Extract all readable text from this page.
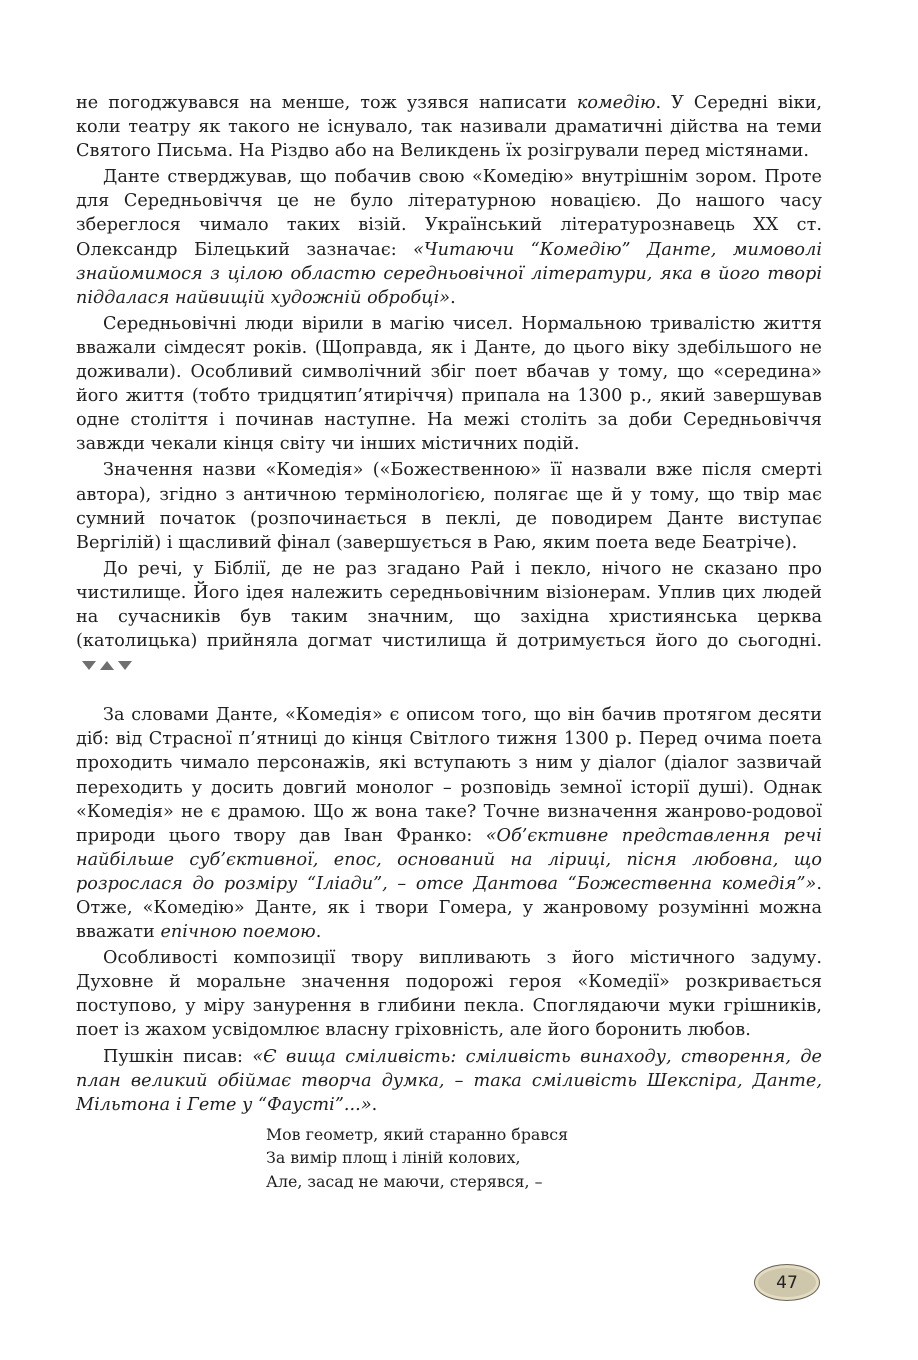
не погоджувався на менше, тож узявся написати комедію. У Середні віки, коли театру як такого не існувало, так називали драматичні дійства на теми Святого Письма. На Різдво або на Великдень їх розігрували перед містянами.

Данте стверджував, що побачив свою «Комедію» внутрішнім зором. Проте для Середньовіччя це не було літературною новацією. До нашого часу збереглося чимало таких візій. Український літературознавець XX ст. Олександр Білецький зазначає: «Читаючи “Комедію” Данте, мимоволі знайомимося з цілою областю середньовічної літератури, яка в його творі піддалася найвищій художній обробці».

Середньовічні люди вірили в магію чисел. Нормальною тривалістю життя вважали сімдесят років. (Щоправда, як і Данте, до цього віку здебільшого не доживали). Особливий символічний збіг поет вбачав у тому, що «середина» його життя (тобто тридцятип’ятиріччя) припала на 1300 р., який завершував одне століття і починав наступне. На межі століть за доби Середньовіччя завжди чекали кінця світу чи інших містичних подій.

Значення назви «Комедія» («Божественною» її назвали вже після смерті автора), згідно з античною термінологією, полягає ще й у тому, що твір має сумний початок (розпочинається в пеклі, де поводирем Данте виступає Вергілій) і щасливий фінал (завершується в Раю, яким поета веде Беатріче).

До речі, у Біблії, де не раз згадано Рай і пекло, нічого не сказано про чистилище. Його ідея належить середньовічним візіонерам. Уплив цих людей на сучасників був таким значним, що західна християнська церква (католицька) прийняла догмат чистилища й дотримується його до сьогодні.

За словами Данте, «Комедія» є описом того, що він бачив протягом десяти діб: від Страсної п’ятниці до кінця Світлого тижня 1300 р. Перед очима поета проходить чимало персонажів, які вступають з ним у діалог (діалог зазвичай переходить у досить довгий монолог – розповідь земної історії душі). Однак «Комедія» не є драмою. Що ж вона таке? Точне визначення жанрово-родової природи цього твору дав Іван Франко: «Об’єктивне представлення речі найбільше суб’єктивної, епос, оснований на ліриці, пісня любовна, що розрослася до розміру “Іліади”, – отсе Дантова “Божественна комедія”». Отже, «Комедію» Данте, як і твори Гомера, у жанровому розумінні можна вважати епічною поемою.

Особливості композиції твору випливають з його містичного задуму. Духовне й моральне значення подорожі героя «Комедії» розкривається поступово, у міру занурення в глибини пекла. Споглядаючи муки грішників, поет із жахом усвідомлює власну гріховність, але його боронить любов.

Пушкін писав: «Є вища сміливість: сміливість винаходу, створення, де план великий обіймає творча думка, – така сміливість Шекспіра, Данте, Мільтона і Гете у “Фаусті”...».

Мов геометр, який старанно брався
За вимір площ і ліній колових,
Але, засад не маючи, стерявся, –
47
